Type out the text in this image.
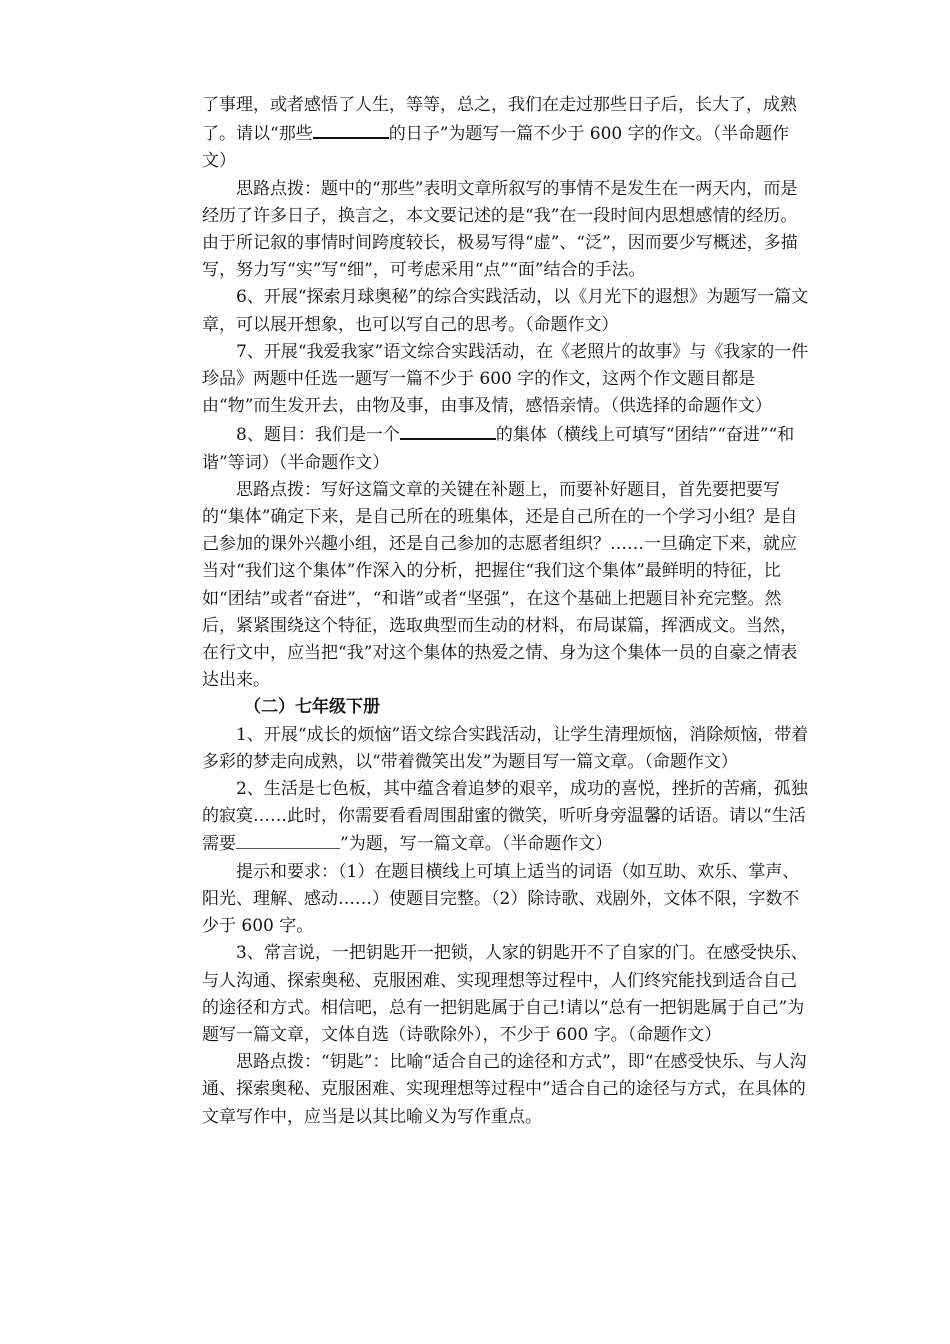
了事理，或者感悟了人生，等等，总之，我们在走过那些日子后，长大了，成熟了。请以“那些	的日子”为题写一篇不少于 600 字的作文。（半命题作文）

思路点拨：题中的“那些”表明文章所叙写的事情不是发生在一两天内，而是经历了许多日子，换言之，本文要记述的是“我”在一段时间内思想感情的经历。由于所记叙的事情时间跨度较长，极易写得“虚”、“泛”，因而要少写概述，多描写，努力写“实”写“细”，可考虑采用“点”“面”结合的手法。

6、开展“探索月球奥秘”的综合实践活动，以《月光下的遐想》为题写一篇文章，可以展开想象，也可以写自己的思考。（命题作文）

7、开展“我爱我家”语文综合实践活动，在《老照片的故事》与《我家的一件珍品》两题中任选一题写一篇不少于 600 字的作文，这两个作文题目都是由“物”而生发开去，由物及事，由事及情，感悟亲情。（供选择的命题作文）

8、题目：我们是一个	的集体（横线上可填写“团结”“奋进”“和谐”等词）（半命题作文）

思路点拨：写好这篇文章的关键在补题上，而要补好题目，首先要把要写的“集体”确定下来，是自己所在的班集体，还是自己所在的一个学习小组？是自己参加的课外兴趣小组，还是自己参加的志愿者组织？……一旦确定下来，就应当对“我们这个集体”作深入的分析，把握住“我们这个集体”最鲜明的特征，比如“团结”或者“奋进”，“和谐”或者“坚强”，在这个基础上把题目补充完整。然后，紧紧围绕这个特征，选取典型而生动的材料，布局谋篇，挥洒成文。当然，在行文中，应当把“我”对这个集体的热爱之情、身为这个集体一员的自豪之情表达出来。

（二）七年级下册

1、开展“成长的烦恼”语文综合实践活动，让学生清理烦恼，消除烦恼，带着多彩的梦走向成熟，以“带着微笑出发”为题目写一篇文章。（命题作文）

2、生活是七色板，其中蕴含着追梦的艰辛，成功的喜悦，挫折的苦痛，孤独的寂寞……此时，你需要看看周围甜蜜的微笑，听听身旁温馨的话语。请以“生活需要	”为题，写一篇文章。（半命题作文）

提示和要求：（1）在题目横线上可填上适当的词语（如互助、欢乐、掌声、阳光、理解、感动……）使题目完整。（2）除诗歌、戏剧外，文体不限，字数不少于 600 字。

3、常言说，一把钥匙开一把锁，人家的钥匙开不了自家的门。在感受快乐、与人沟通、探索奥秘、克服困难、实现理想等过程中，人们终究能找到适合自己的途径和方式。相信吧，总有一把钥匙属于自己!请以“总有一把钥匙属于自己”为题写一篇文章，文体自选（诗歌除外），不少于 600 字。（命题作文）

思路点拨：“钥匙”：比喻“适合自己的途径和方式”，即“在感受快乐、与人沟通、探索奥秘、克服困难、实现理想等过程中”适合自己的途径与方式，在具体的文章写作中，应当是以其比喻义为写作重点。
